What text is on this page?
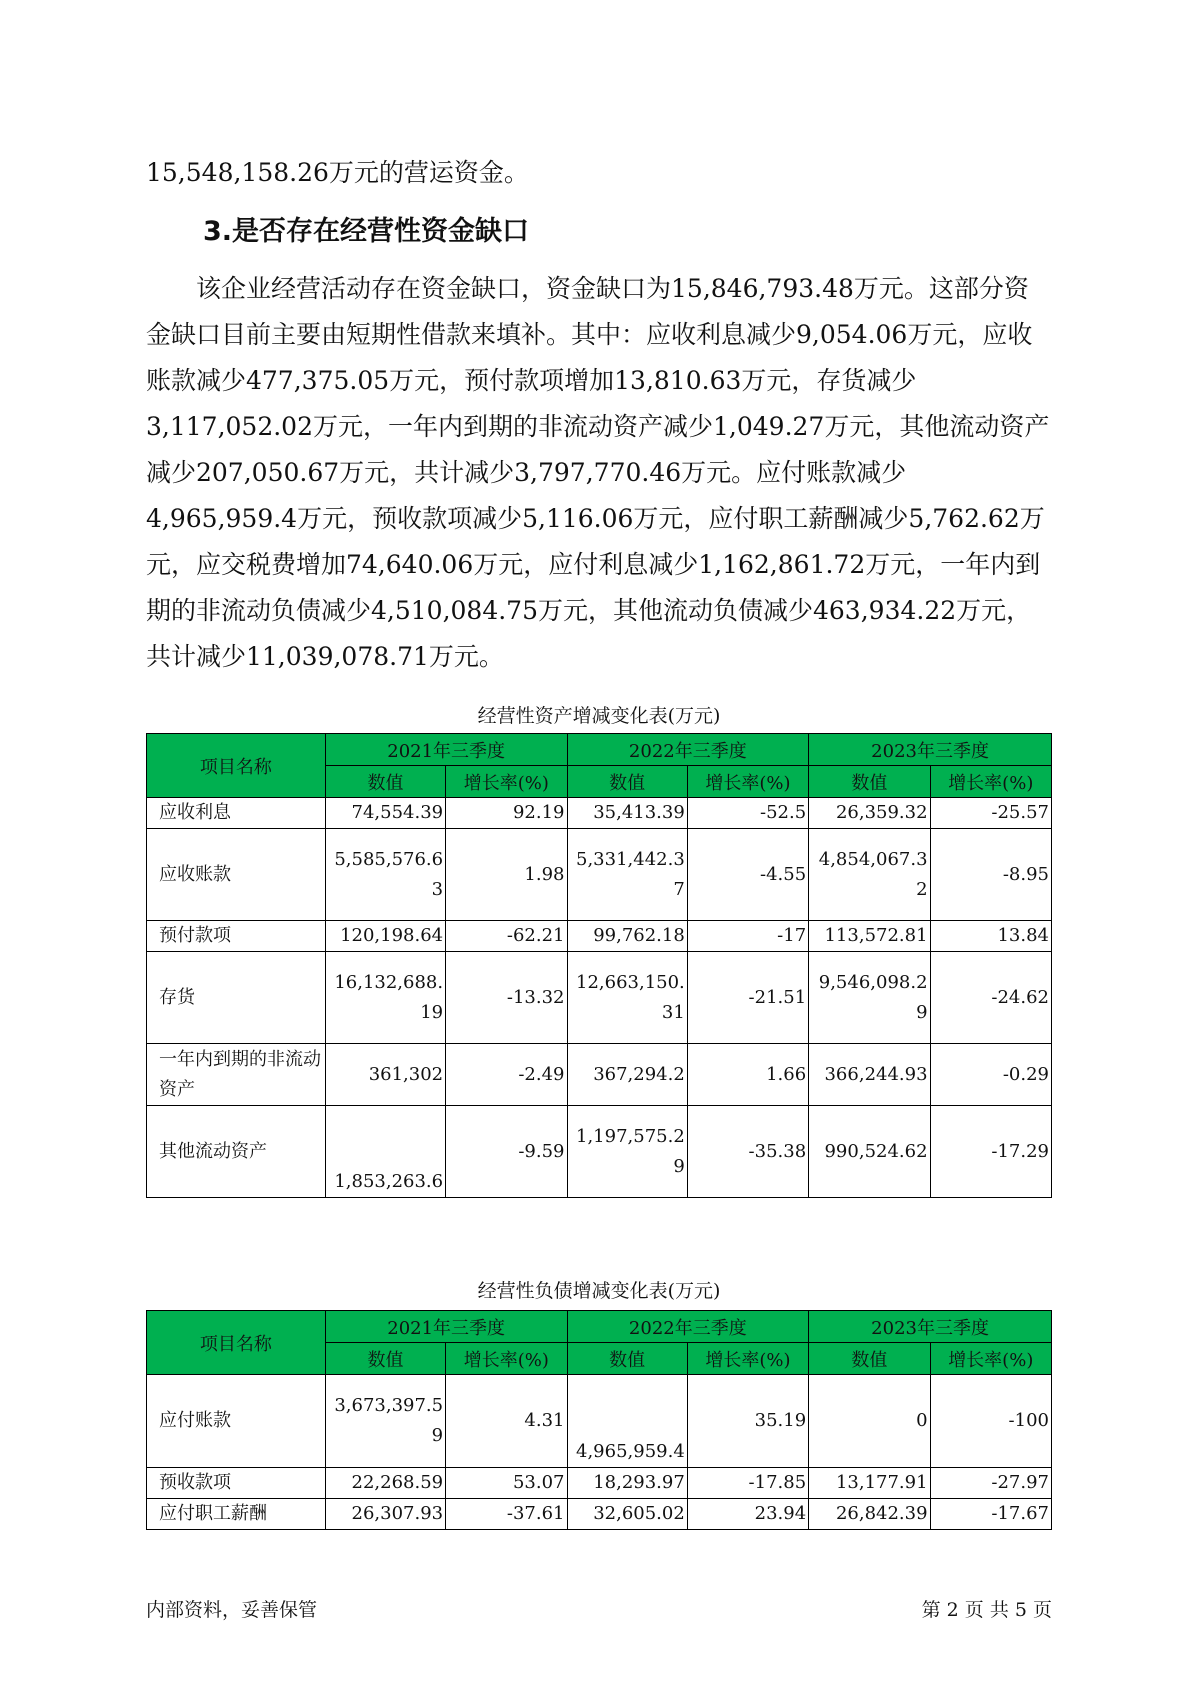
15,548,158.26万元的营运资金。

3.是否存在经营性资金缺口

该企业经营活动存在资金缺口，资金缺口为15,846,793.48万元。这部分资金缺口目前主要由短期性借款来填补。其中：应收利息减少9,054.06万元，应收账款减少477,375.05万元，预付款项增加13,810.63万元，存货减少3,117,052.02万元，一年内到期的非流动资产减少1,049.27万元，其他流动资产减少207,050.67万元，共计减少3,797,770.46万元。应付账款减少4,965,959.4万元，预收款项减少5,116.06万元，应付职工薪酬减少5,762.62万元，应交税费增加74,640.06万元，应付利息减少1,162,861.72万元，一年内到期的非流动负债减少4,510,084.75万元，其他流动负债减少463,934.22万元，共计减少11,039,078.71万元。

经营性资产增减变化表(万元)
项目名称	2021年三季度		2022年三季度		2023年三季度	
	数值	增长率(%)	数值	增长率(%)	数值	增长率(%)
应收利息	74,554.39	92.19	35,413.39	-52.5	26,359.32	-25.57
应收账款	5,585,576.63	1.98	5,331,442.37	-4.55	4,854,067.32	-8.95
预付款项	120,198.64	-62.21	99,762.18	-17	113,572.81	13.84
存货	16,132,688.19	-13.32	12,663,150.31	-21.51	9,546,098.29	-24.62
一年内到期的非流动资产	361,302	-2.49	367,294.2	1.66	366,244.93	-0.29
其他流动资产	1,853,263.6	-9.59	1,197,575.29	-35.38	990,524.62	-17.29
经营性负债增减变化表(万元)
项目名称	2021年三季度		2022年三季度		2023年三季度	
	数值	增长率(%)	数值	增长率(%)	数值	增长率(%)
应付账款	3,673,397.59	4.31	4,965,959.4	35.19	0	-100
预收款项	22,268.59	53.07	18,293.97	-17.85	13,177.91	-27.97
应付职工薪酬	26,307.93	-37.61	32,605.02	23.94	26,842.39	-17.67
内部资料，妥善保管	第 2 页 共 5 页
